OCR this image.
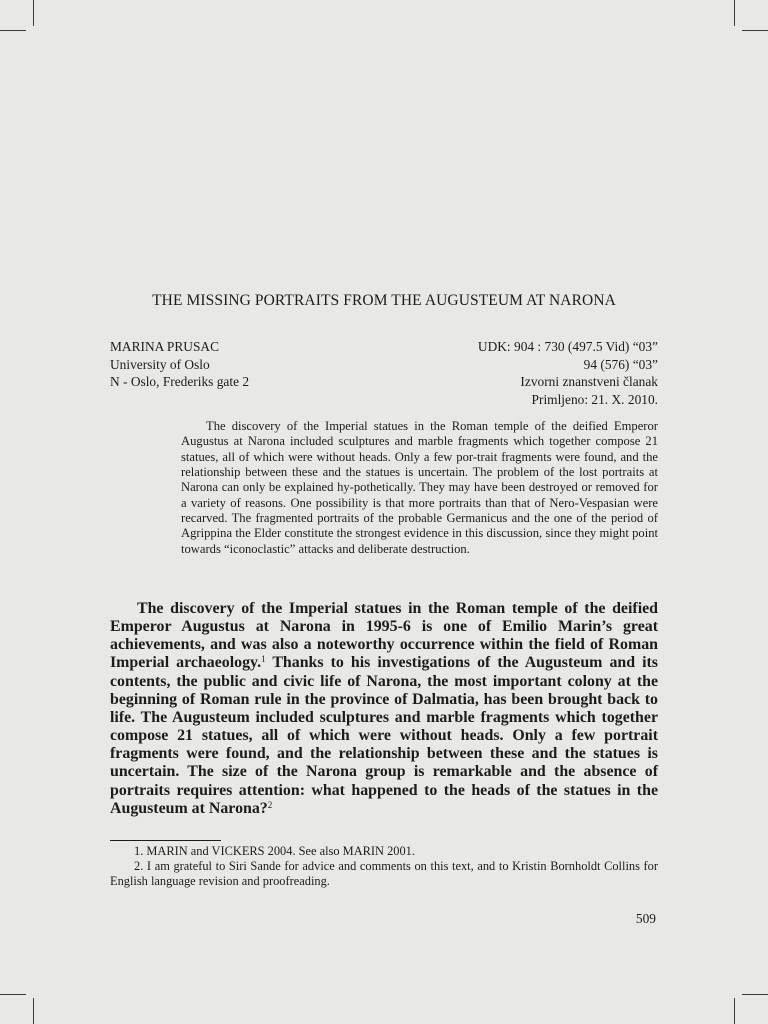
THE MISSING PORTRAITS FROM THE AUGUSTEUM AT NARONA
MARINA PRUSAC
University of Oslo
N - Oslo, Frederiks gate 2
UDK: 904 : 730 (497.5 Vid) “03”
94 (576) “03”
Izvorni znanstveni članak
Primljeno: 21. X. 2010.

The discovery of the Imperial statues in the Roman temple of the deified Emperor Augustus at Narona included sculptures and marble fragments which together compose 21 statues, all of which were without heads. Only a few por-trait fragments were found, and the relationship between these and the statues is uncertain. The problem of the lost portraits at Narona can only be explained hy-pothetically. They may have been destroyed or removed for a variety of reasons. One possibility is that more portraits than that of Nero-Vespasian were recarved. The fragmented portraits of the probable Germanicus and the one of the period of Agrippina the Elder constitute the strongest evidence in this discussion, since they might point towards “iconoclastic” attacks and deliberate destruction.

The discovery of the Imperial statues in the Roman temple of the deified Emperor Augustus at Narona in 1995-6 is one of Emilio Marin’s great achievements, and was also a noteworthy occurrence within the field of Roman Imperial archaeology.$^1$ Thanks to his investigations of the Augusteum and its contents, the public and civic life of Narona, the most important colony at the beginning of Roman rule in the province of Dalmatia, has been brought back to life. The Augusteum included sculptures and marble fragments which together compose 21 statues, all of which were without heads. Only a few portrait fragments were found, and the relationship between these and the statues is uncertain. The size of the Narona group is remarkable and the absence of portraits requires attention: what happened to the heads of the statues in the Augusteum at Narona?$^2$

1. MARIN and VICKERS 2004. See also MARIN 2001.

2. I am grateful to Siri Sande for advice and comments on this text, and to Kristin Bornholdt Collins for English language revision and proofreading.

509
